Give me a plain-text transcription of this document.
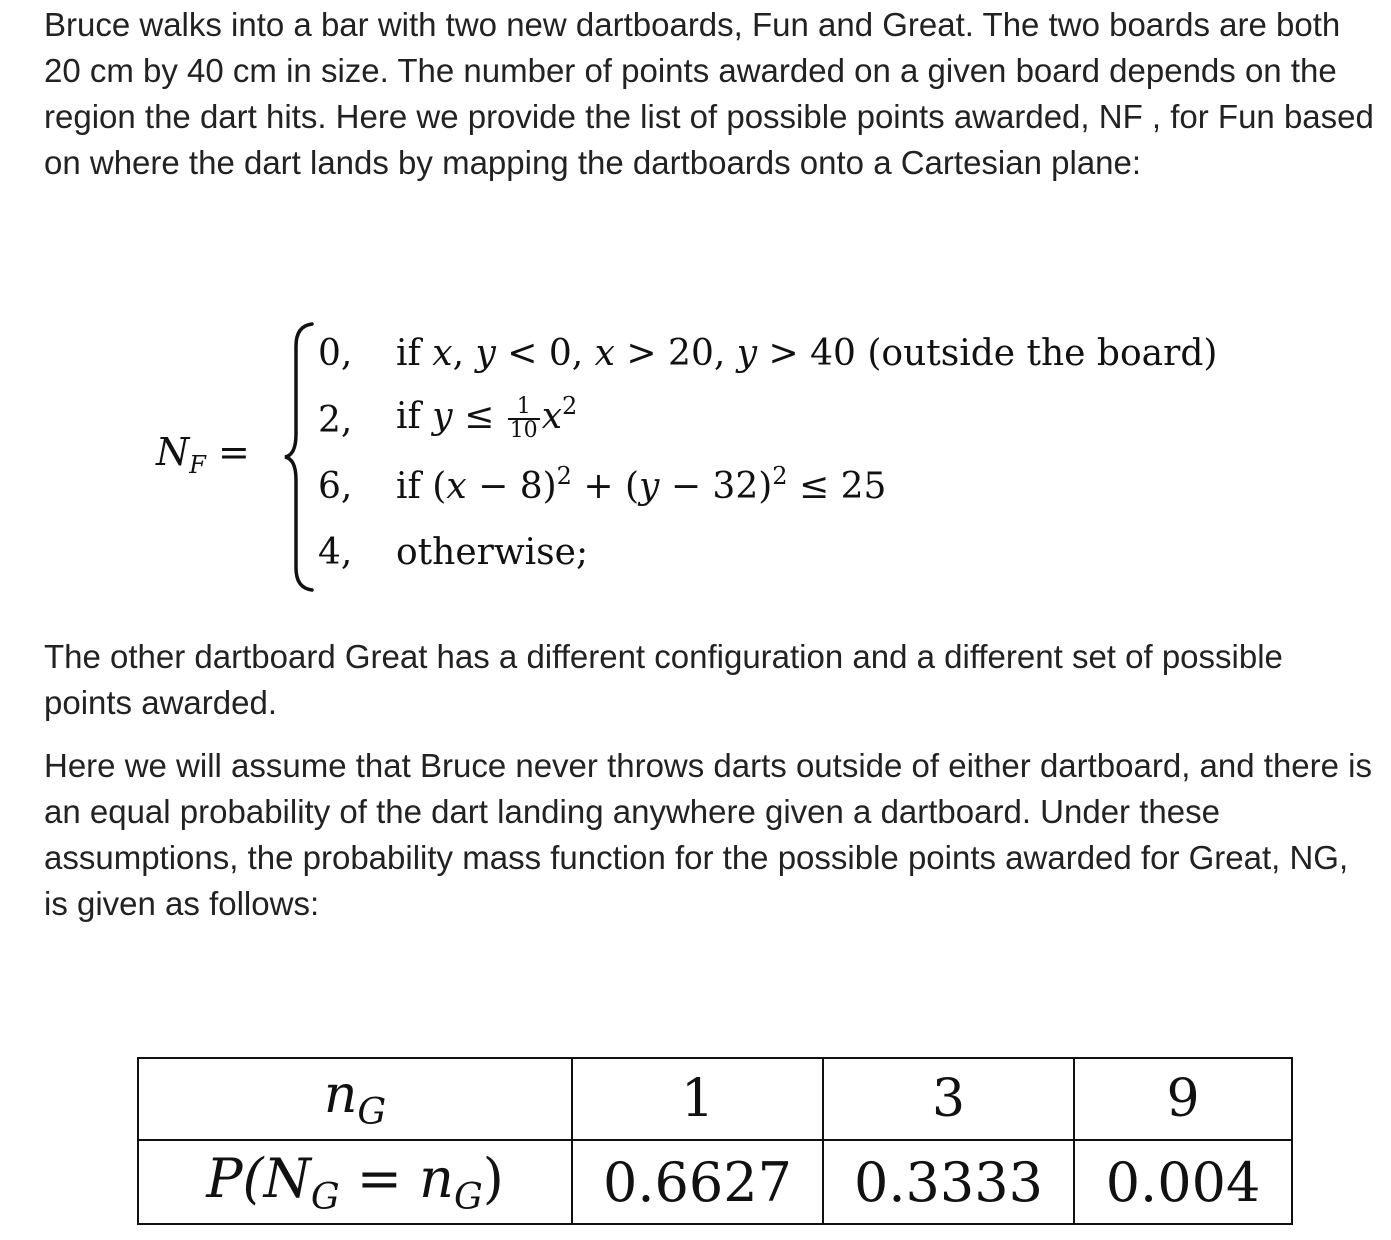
Bruce walks into a bar with two new dartboards, Fun and Great. The two boards are both 20 cm by 40 cm in size. The number of points awarded on a given board depends on the region the dart hits. Here we provide the list of possible points awarded, NF , for Fun based on where the dart lands by mapping the dartboards onto a Cartesian plane:

$N_F$ =
0, if x, y < 0, x > 20, y > 40 (outside the board)
2, if $y \le \frac{1}{10} x^2$
6, if $(x - 8)^2 + (y - 32)^2 \le 25$
4, otherwise;

The other dartboard Great has a different configuration and a different set of possible points awarded.

Here we will assume that Bruce never throws darts outside of either dartboard, and there is an equal probability of the dart landing anywhere given a dartboard. Under these assumptions, the probability mass function for the possible points awarded for Great, NG, is given as follows:

$n_G$	1	3	9
$P(N_G = n_G)$	0.6627	0.3333	0.004
